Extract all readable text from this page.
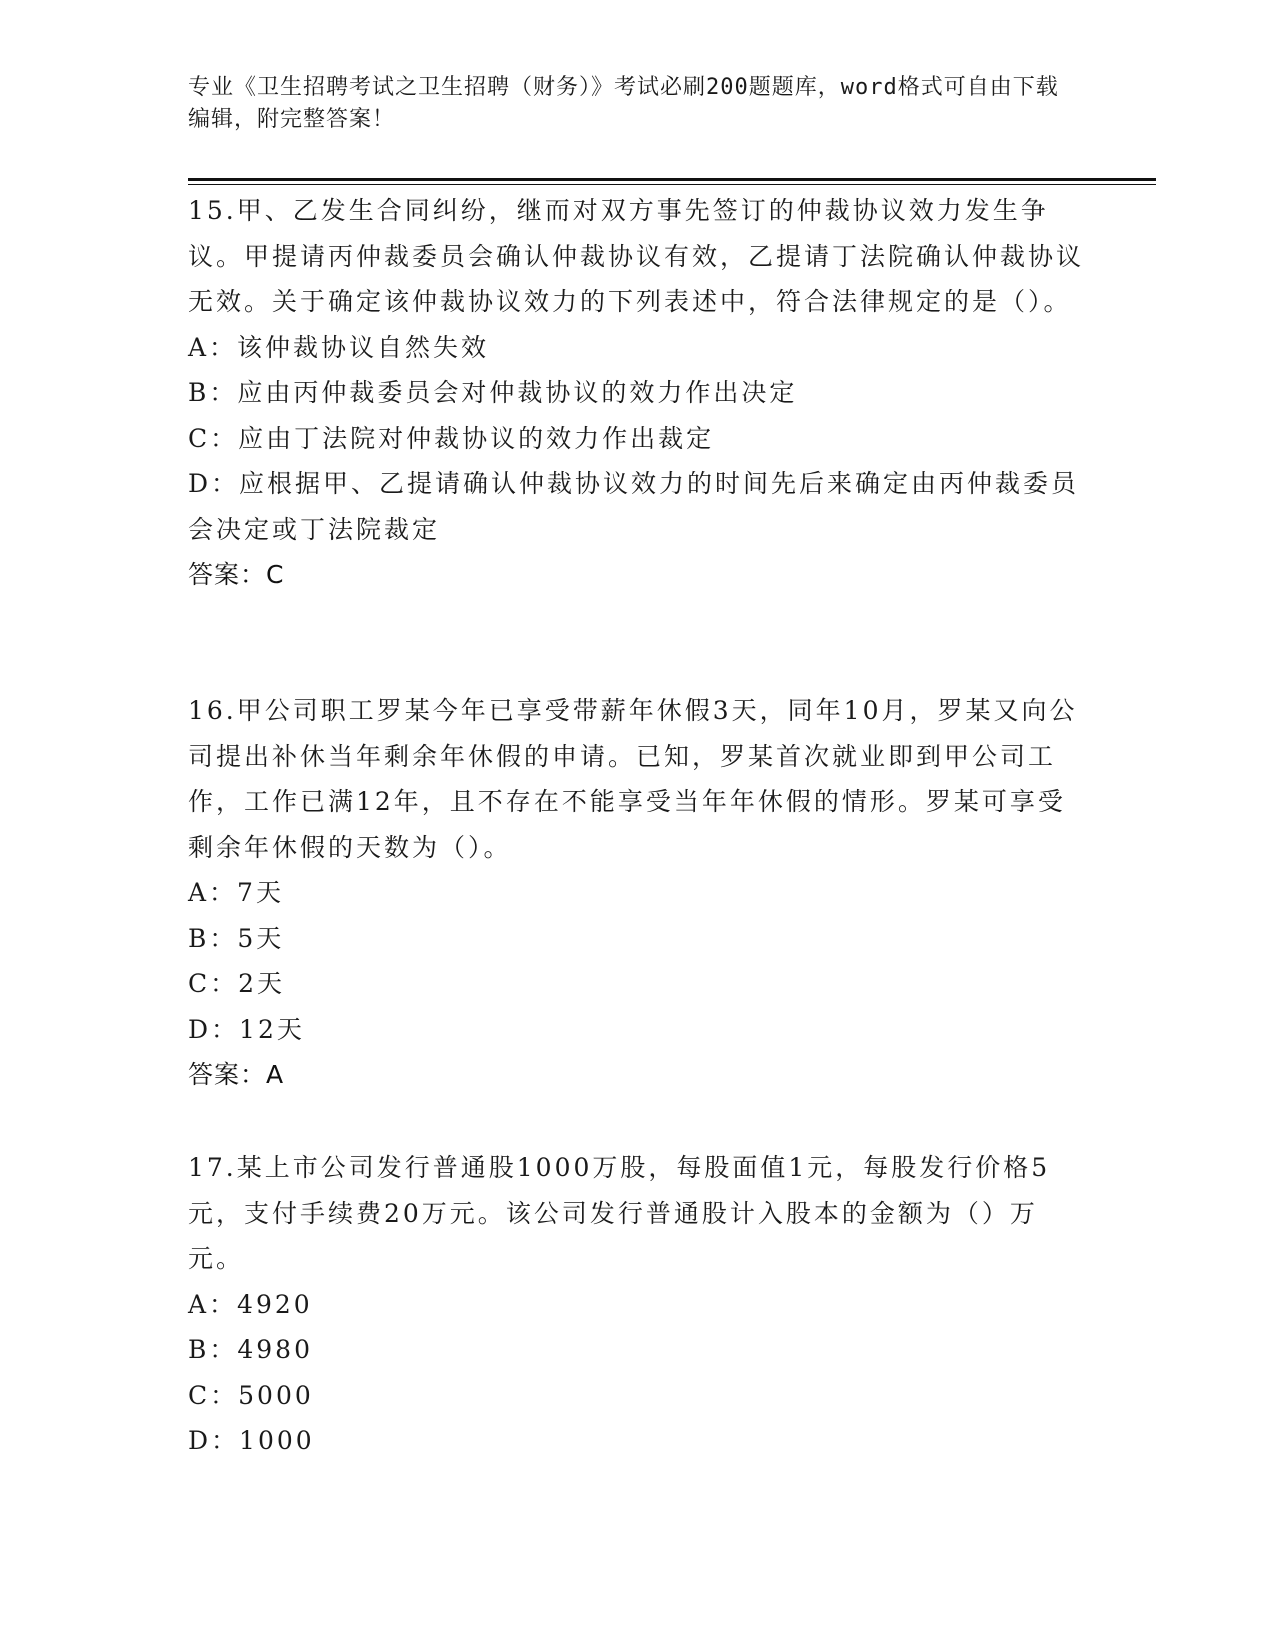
专业《卫生招聘考试之卫生招聘（财务）》考试必刷200题题库，word格式可自由下载编辑，附完整答案！

15.甲、乙发生合同纠纷，继而对双方事先签订的仲裁协议效力发生争议。甲提请丙仲裁委员会确认仲裁协议有效，乙提请丁法院确认仲裁协议无效。关于确定该仲裁协议效力的下列表述中，符合法律规定的是（）。

A：该仲裁协议自然失效

B：应由丙仲裁委员会对仲裁协议的效力作出决定

C：应由丁法院对仲裁协议的效力作出裁定

D：应根据甲、乙提请确认仲裁协议效力的时间先后来确定由丙仲裁委员会决定或丁法院裁定

答案：C

16.甲公司职工罗某今年已享受带薪年休假3天，同年10月，罗某又向公司提出补休当年剩余年休假的申请。已知，罗某首次就业即到甲公司工作，工作已满12年，且不存在不能享受当年年休假的情形。罗某可享受剩余年休假的天数为（）。

A：7天

B：5天

C：2天

D：12天

答案：A

17.某上市公司发行普通股1000万股，每股面值1元，每股发行价格5元，支付手续费20万元。该公司发行普通股计入股本的金额为（）万元。

A：4920

B：4980

C：5000

D：1000
